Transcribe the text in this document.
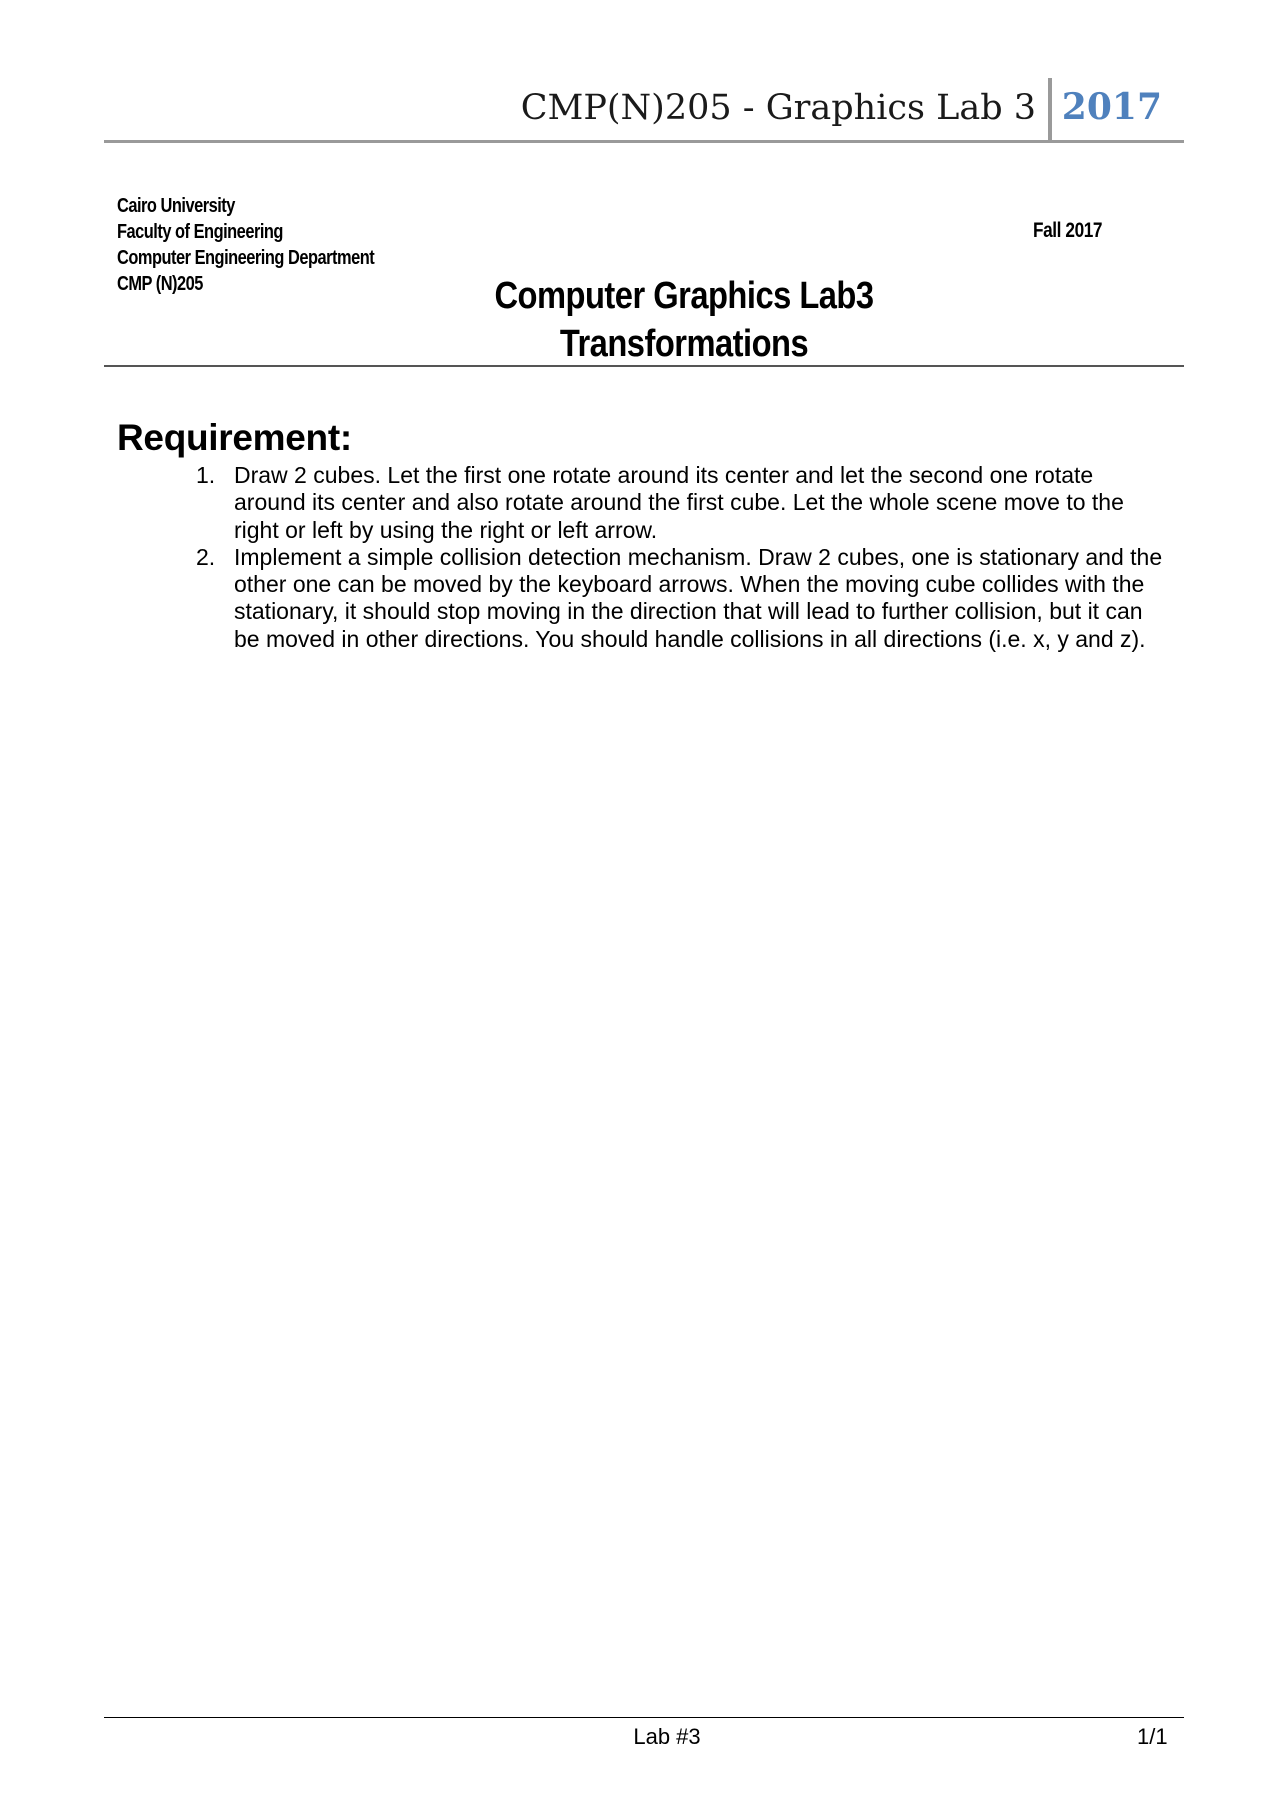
CMP(N)205 - Graphics Lab 3 2017
Cairo University
Faculty of Engineering
Computer Engineering Department
CMP (N)205
Fall 2017
Computer Graphics Lab3
Transformations
Requirement:
1. Draw 2 cubes. Let the first one rotate around its center and let the second one rotate around its center and also rotate around the first cube. Let the whole scene move to the right or left by using the right or left arrow.
2. Implement a simple collision detection mechanism. Draw 2 cubes, one is stationary and the other one can be moved by the keyboard arrows. When the moving cube collides with the stationary, it should stop moving in the direction that will lead to further collision, but it can be moved in other directions. You should handle collisions in all directions (i.e. x, y and z).
Lab #3	1/1
